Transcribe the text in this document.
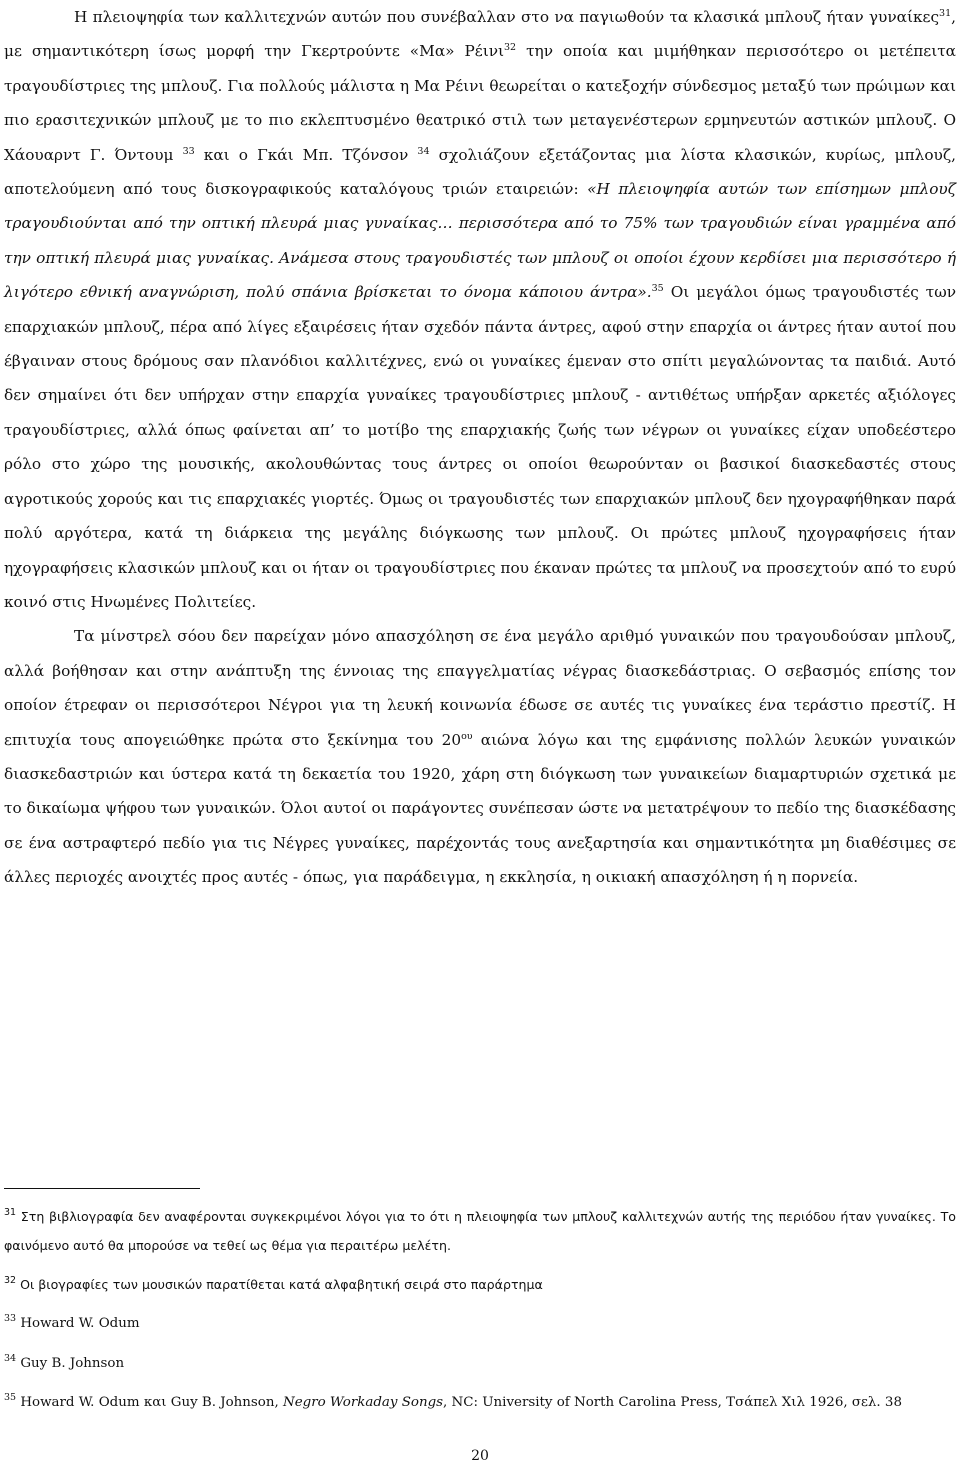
Η πλειοψηφία των καλλιτεχνών αυτών που συνέβαλλαν στο να παγιωθούν τα κλασικά μπλουζ ήταν γυναίκες$^{31}$, με σημαντικότερη ίσως μορφή την Γκερτρούντε «Μα» Ρέινι$^{32}$ την οποία και μιμήθηκαν περισσότερο οι μετέπειτα τραγουδίστριες της μπλουζ. Για πολλούς μάλιστα η Μα Ρέινι θεωρείται ο κατεξοχήν σύνδεσμος μεταξύ των πρώιμων και πιο ερασιτεχνικών μπλουζ με το πιο εκλεπτυσμένο θεατρικό στιλ των μεταγενέστερων ερμηνευτών αστικών μπλουζ. Ο Χάουαρντ Γ. Όντουμ $^{33}$ και ο Γκάι Μπ. Τζόνσον $^{34}$ σχολιάζουν εξετάζοντας μια λίστα κλασικών, κυρίως, μπλουζ, αποτελούμενη από τους δισκογραφικούς καταλόγους τριών εταιρειών: «Η πλειοψηφία αυτών των επίσημων μπλουζ τραγουδιούνται από την οπτική πλευρά μιας γυναίκας… περισσότερα από το 75% των τραγουδιών είναι γραμμένα από την οπτική πλευρά μιας γυναίκας. Ανάμεσα στους τραγουδιστές των μπλουζ οι οποίοι έχουν κερδίσει μια περισσότερο ή λιγότερο εθνική αναγνώριση, πολύ σπάνια βρίσκεται το όνομα κάποιου άντρα».$^{35}$ Οι μεγάλοι όμως τραγουδιστές των επαρχιακών μπλουζ, πέρα από λίγες εξαιρέσεις ήταν σχεδόν πάντα άντρες, αφού στην επαρχία οι άντρες ήταν αυτοί που έβγαιναν στους δρόμους σαν πλανόδιοι καλλιτέχνες, ενώ οι γυναίκες έμεναν στο σπίτι μεγαλώνοντας τα παιδιά. Αυτό δεν σημαίνει ότι δεν υπήρχαν στην επαρχία γυναίκες τραγουδίστριες μπλουζ - αντιθέτως υπήρξαν αρκετές αξιόλογες τραγουδίστριες, αλλά όπως φαίνεται απ’ το μοτίβο της επαρχιακής ζωής των νέγρων οι γυναίκες είχαν υποδεέστερο ρόλο στο χώρο της μουσικής, ακολουθώντας τους άντρες οι οποίοι θεωρούνταν οι βασικοί διασκεδαστές στους αγροτικούς χορούς και τις επαρχιακές γιορτές. Όμως οι τραγουδιστές των επαρχιακών μπλουζ δεν ηχογραφήθηκαν παρά πολύ αργότερα, κατά τη διάρκεια της μεγάλης διόγκωσης των μπλουζ. Οι πρώτες μπλουζ ηχογραφήσεις ήταν ηχογραφήσεις κλασικών μπλουζ και οι ήταν οι τραγουδίστριες που έκαναν πρώτες τα μπλουζ να προσεχτούν από το ευρύ κοινό στις Ηνωμένες Πολιτείες.

Τα μίνστρελ σόου δεν παρείχαν μόνο απασχόληση σε ένα μεγάλο αριθμό γυναικών που τραγουδούσαν μπλουζ, αλλά βοήθησαν και στην ανάπτυξη της έννοιας της επαγγελματίας νέγρας διασκεδάστριας. Ο σεβασμός επίσης τον οποίον έτρεφαν οι περισσότεροι Νέγροι για τη λευκή κοινωνία έδωσε σε αυτές τις γυναίκες ένα τεράστιο πρεστίζ. Η επιτυχία τους απογειώθηκε πρώτα στο ξεκίνημα του $20^{o\upsilon}$ αιώνα λόγω και της εμφάνισης πολλών λευκών γυναικών διασκεδαστριών και ύστερα κατά τη δεκαετία του 1920, χάρη στη διόγκωση των γυναικείων διαμαρτυριών σχετικά με το δικαίωμα ψήφου των γυναικών. Όλοι αυτοί οι παράγοντες συνέπεσαν ώστε να μετατρέψουν το πεδίο της διασκέδασης σε ένα αστραφτερό πεδίο για τις Νέγρες γυναίκες, παρέχοντάς τους ανεξαρτησία και σημαντικότητα μη διαθέσιμες σε άλλες περιοχές ανοιχτές προς αυτές - όπως, για παράδειγμα, η εκκλησία, η οικιακή απασχόληση ή η πορνεία.

$^{31}$ Στη βιβλιογραφία δεν αναφέρονται συγκεκριμένοι λόγοι για το ότι η πλειοψηφία των μπλουζ καλλιτεχνών αυτής της περιόδου ήταν γυναίκες. Το φαινόμενο αυτό θα μπορούσε να τεθεί ως θέμα για περαιτέρω μελέτη.

$^{32}$ Οι βιογραφίες των μουσικών παρατίθεται κατά αλφαβητική σειρά στο παράρτημα

$^{33}$ Howard W. Odum

$^{34}$ Guy B. Johnson

$^{35}$ Howard W. Odum και Guy B. Johnson, Negro Workaday Songs, NC: University of North Carolina Press, Τσάπελ Χιλ 1926, σελ. 38

20
